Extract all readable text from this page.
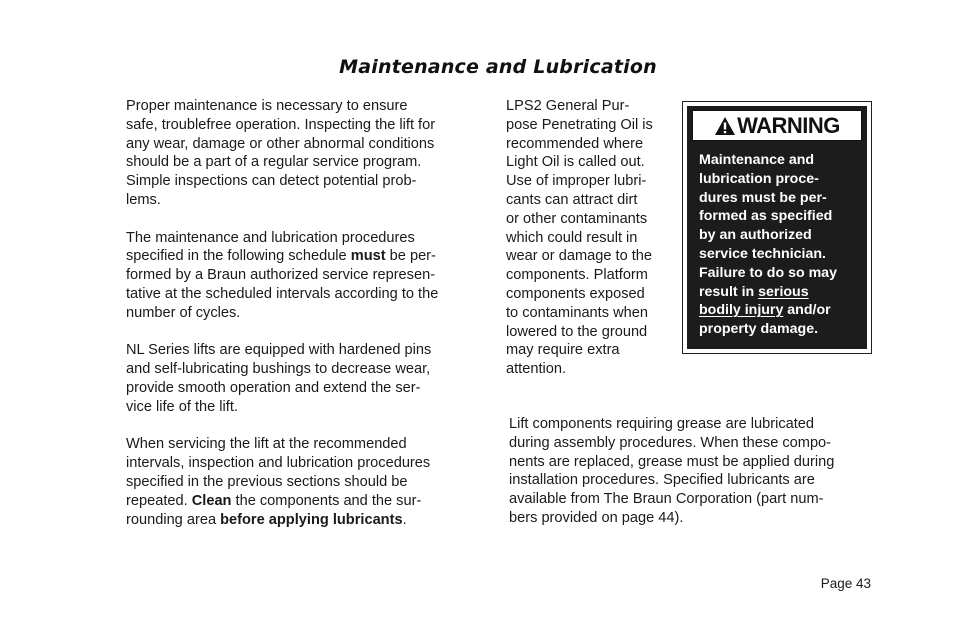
Maintenance and Lubrication

Proper maintenance is necessary to ensure
safe, troublefree operation. Inspecting the lift for
any wear, damage or other abnormal conditions
should be a part of a regular service program.
Simple inspections can detect potential prob-
lems.

The maintenance and lubrication procedures
specified in the following schedule must be per-
formed by a Braun authorized service represen-
tative at the scheduled intervals according to the
number of cycles.

NL Series lifts are equipped with hardened pins
and self-lubricating bushings to decrease wear,
provide smooth operation and extend the ser-
vice life of the lift.

When servicing the lift at the recommended
intervals, inspection and lubrication procedures
specified in the previous sections should be
repeated. Clean the components and the sur-
rounding area before applying lubricants.

LPS2 General Pur-
pose Penetrating Oil is
recommended where
Light Oil is called out.
Use of improper lubri-
cants can attract dirt
or other contaminants
which could result in
wear or damage to the
components. Platform
components exposed
to contaminants when
lowered to the ground
may require extra
attention.

WARNING
Maintenance and
lubrication proce-
dures must be per-
formed as specified
by an authorized
service technician.
Failure to do so may
result in serious
bodily injury and/or
property damage.

Lift components requiring grease are lubricated
during assembly procedures. When these compo-
nents are replaced, grease must be applied during
installation procedures. Specified lubricants are
available from The Braun Corporation (part num-
bers provided on page 44).

Page 43
